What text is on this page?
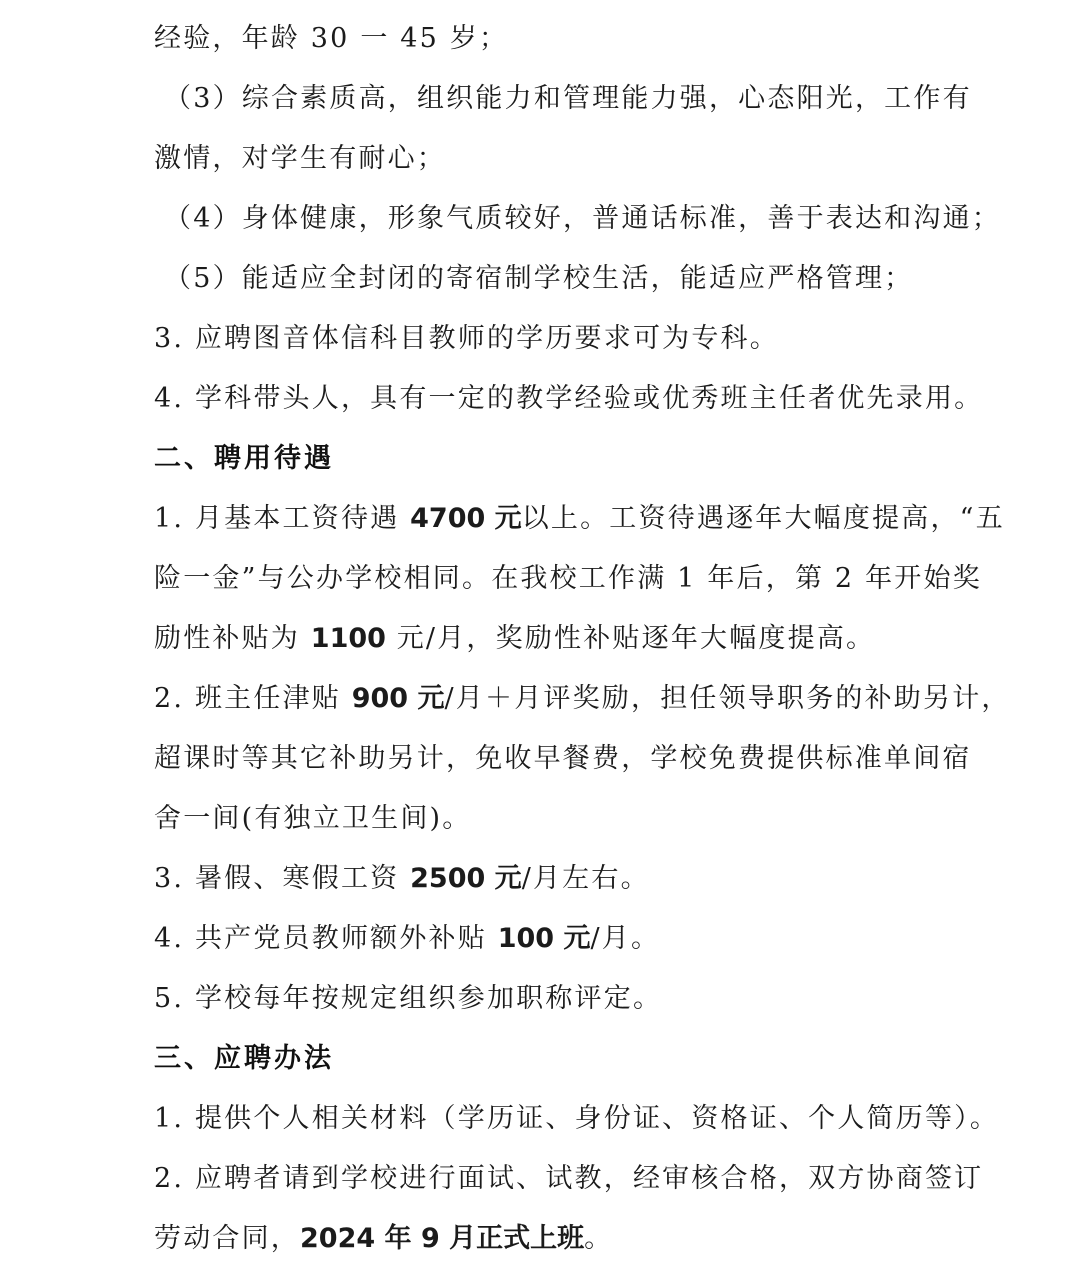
经验，年龄 30 一 45 岁；
（3）综合素质高，组织能力和管理能力强，心态阳光，工作有
激情，对学生有耐心；
（4）身体健康，形象气质较好，普通话标准，善于表达和沟通；
（5）能适应全封闭的寄宿制学校生活，能适应严格管理；
3. 应聘图音体信科目教师的学历要求可为专科。
4. 学科带头人，具有一定的教学经验或优秀班主任者优先录用。
二、聘用待遇
1. 月基本工资待遇 4700 元以上。工资待遇逐年大幅度提高，“五
险一金”与公办学校相同。在我校工作满 1 年后，第 2 年开始奖
励性补贴为 1100 元/月，奖励性补贴逐年大幅度提高。
2. 班主任津贴 900 元/月＋月评奖励，担任领导职务的补助另计，
超课时等其它补助另计，免收早餐费，学校免费提供标准单间宿
舍一间(有独立卫生间)。
3. 暑假、寒假工资 2500 元/月左右。
4. 共产党员教师额外补贴 100 元/月。
5. 学校每年按规定组织参加职称评定。
三、应聘办法
1. 提供个人相关材料（学历证、身份证、资格证、个人简历等）。
2. 应聘者请到学校进行面试、试教，经审核合格，双方协商签订
劳动合同，2024 年 9 月正式上班。
